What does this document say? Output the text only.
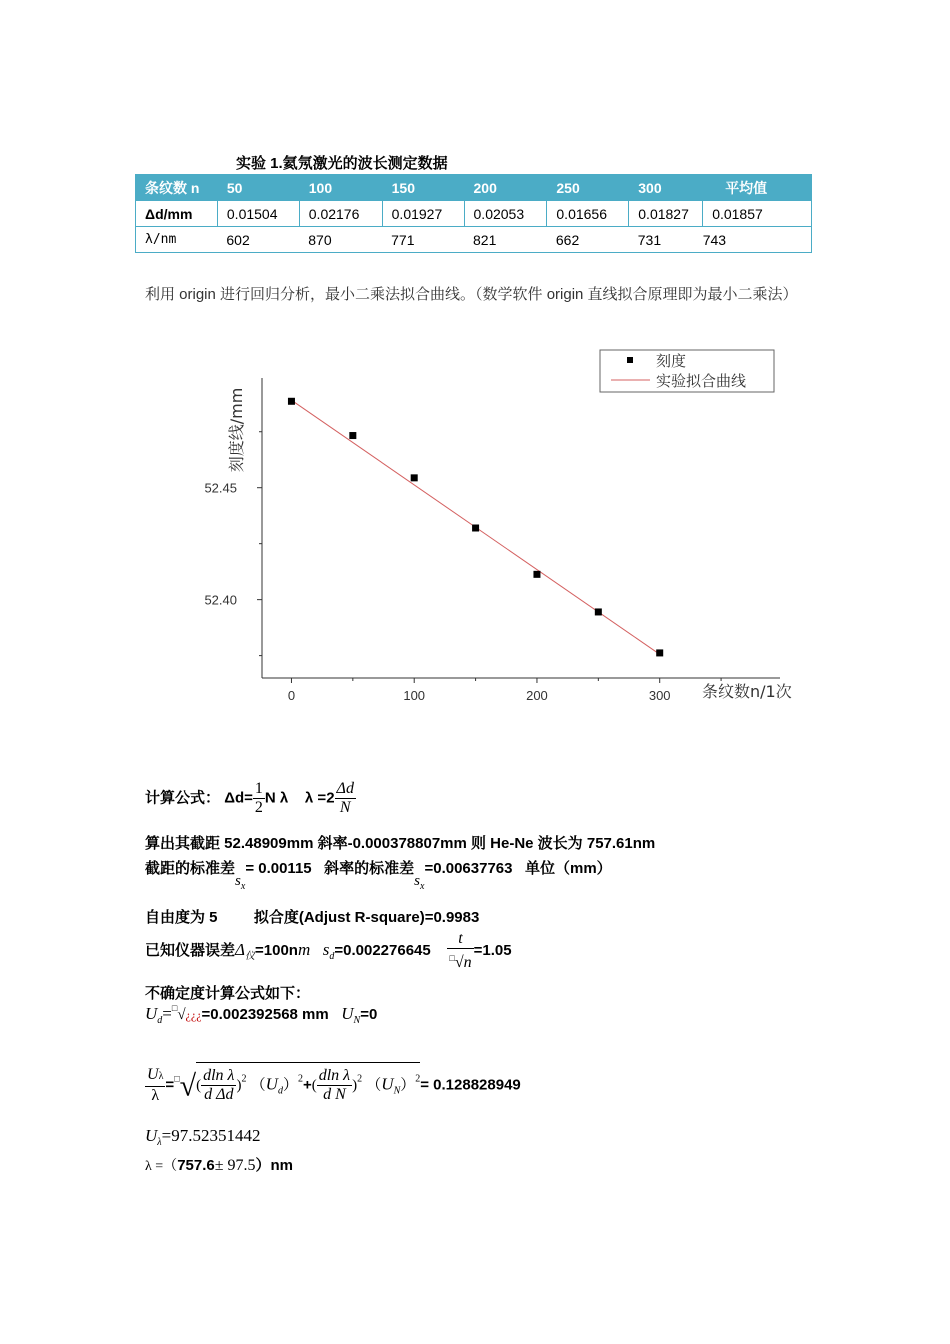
实验 1.氦氖激光的波长测定数据
条纹数 n	50	100	150	200	250	300	平均值
Δd/mm	0.01504	0.02176	0.01927	0.02053	0.01656	0.01827	0.01857
λ/nm	602	870	771	821	662	731	743
利用 origin 进行回归分析，最小二乘法拟合曲线。（数学软件 origin 直线拟合原理即为最小二乘法）
0	100	200	300
52.40
52.45
刻度线/mm
条纹数n/1次
刻度
实验拟合曲线
计算公式： $\Delta d= \frac{1}{2}$ N λ $\lambda =2 \frac{\Delta d}{N}$
算出其截距 52.48909mm 斜率-0.000378807mm 则 He-Ne 波长为 757.61nm
截距的标准差$s_x= 0.00115$ 斜率的标准差$s_x=0.00637763$ 单位（mm）
自由度为 5 拟合度(Adjust R-square)=0.9983
已知仪器误差$\Delta_仪=100nm$ $s_d=0.002276645 \frac{t}{^□√n} =1.05$
不确定度计算公式如下：
$U_d=^□√¿¿¿=0.002392568$ mm $U_N=0$
$\frac{U\lambda}{\lambda} =^□√( \frac{\text{dln λ}}{\text{d Δd}} )^2$ $(U_d)^2+( \frac{\text{dln λ}}{\text{d N}} )^2$ $(U_N)^2= 0.128828949$
$U_\lambda=97.52351442$
λ =（757.6± 97.5）nm
